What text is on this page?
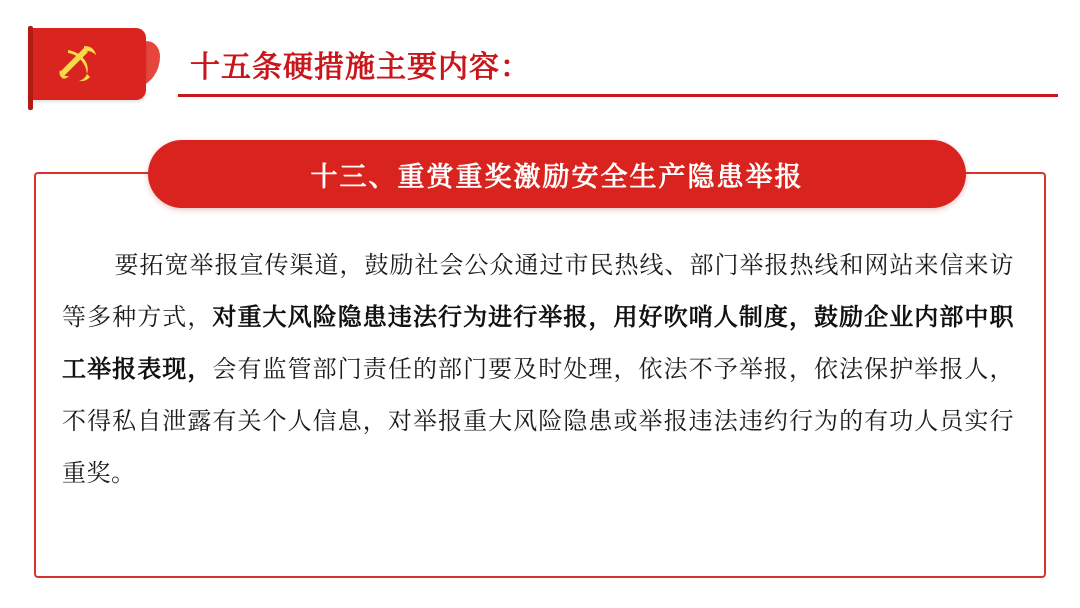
十五条硬措施主要内容：
十三、重赏重奖激励安全生产隐患举报
要拓宽举报宣传渠道，鼓励社会公众通过市民热线、部门举报热线和网站来信来访等多种方式，对重大风险隐患违法行为进行举报，用好吹哨人制度，鼓励企业内部中职工举报表现，会有监管部门责任的部门要及时处理，依法不予举报，依法保护举报人，不得私自泄露有关个人信息，对举报重大风险隐患或举报违法违约行为的有功人员实行重奖。
